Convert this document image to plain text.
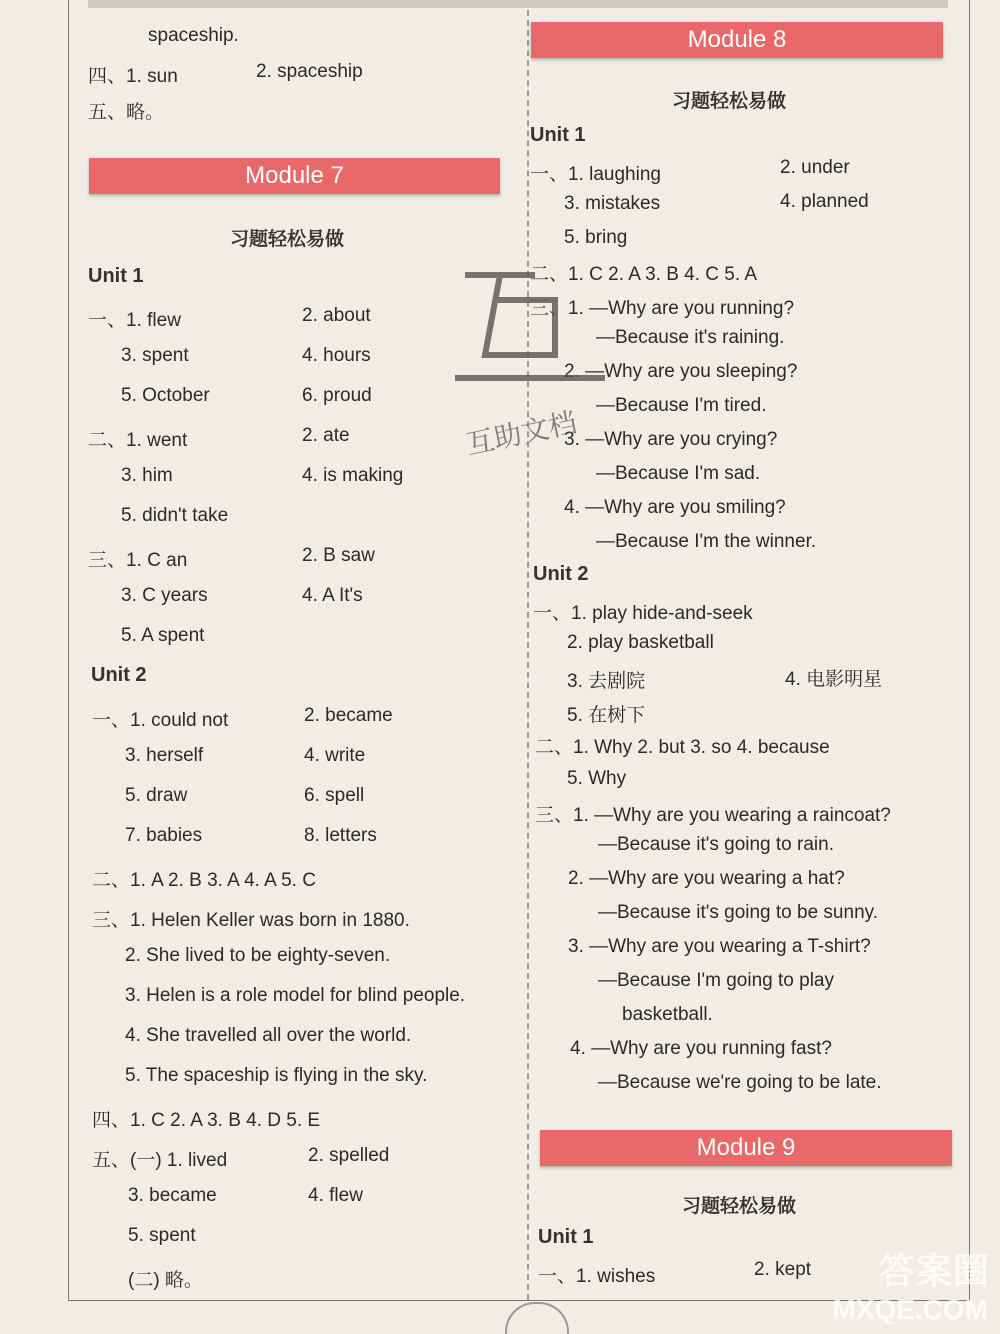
spaceship.
四、1. sun	2. spaceship
五、略。
Module 7
习题轻松易做
Unit 1
Unit 2
一、1. flew	2. about
3. spent	4. hours
5. October	6. proud
二、1. went	2. ate
3. him	4. is making
5. didn't take
三、1. C an	2. B saw
3. C years	4. A It's
5. A spent
一、1. could not	2. became
3. herself	4. write
5. draw	6. spell
7. babies	8. letters
二、1. A 2. B 3. A 4. A 5. C
三、1. Helen Keller was born in 1880.
2. She lived to be eighty-seven.
3. Helen is a role model for blind people.
4. She travelled all over the world.
5. The spaceship is flying in the sky.
四、1. C 2. A 3. B 4. D 5. E
五、(一) 1. lived	2. spelled
3. became	4. flew
5. spent
(二) 略。
Module 8
习题轻松易做
Unit 1
Unit 2
一、1. laughing	2. under
3. mistakes	4. planned
5. bring
二、1. C 2. A 3. B 4. C 5. A
三、1. —Why are you running?
—Because it's raining.
2. —Why are you sleeping?
—Because I'm tired.
3. —Why are you crying?
—Because I'm sad.
4. —Why are you smiling?
—Because I'm the winner.
一、1. play hide-and-seek
2. play basketball
3. 去剧院	4. 电影明星
5. 在树下
二、1. Why 2. but 3. so 4. because
5. Why
三、1. —Why are you wearing a raincoat?
—Because it's going to rain.
2. —Why are you wearing a hat?
—Because it's going to be sunny.
3. —Why are you wearing a T-shirt?
—Because I'm going to play
basketball.
4. —Why are you running fast?
—Because we're going to be late.
一、1. wishes	2. kept
Module 9
习题轻松易做
Unit 1
互助文档
答案圈
MXQE.COM
